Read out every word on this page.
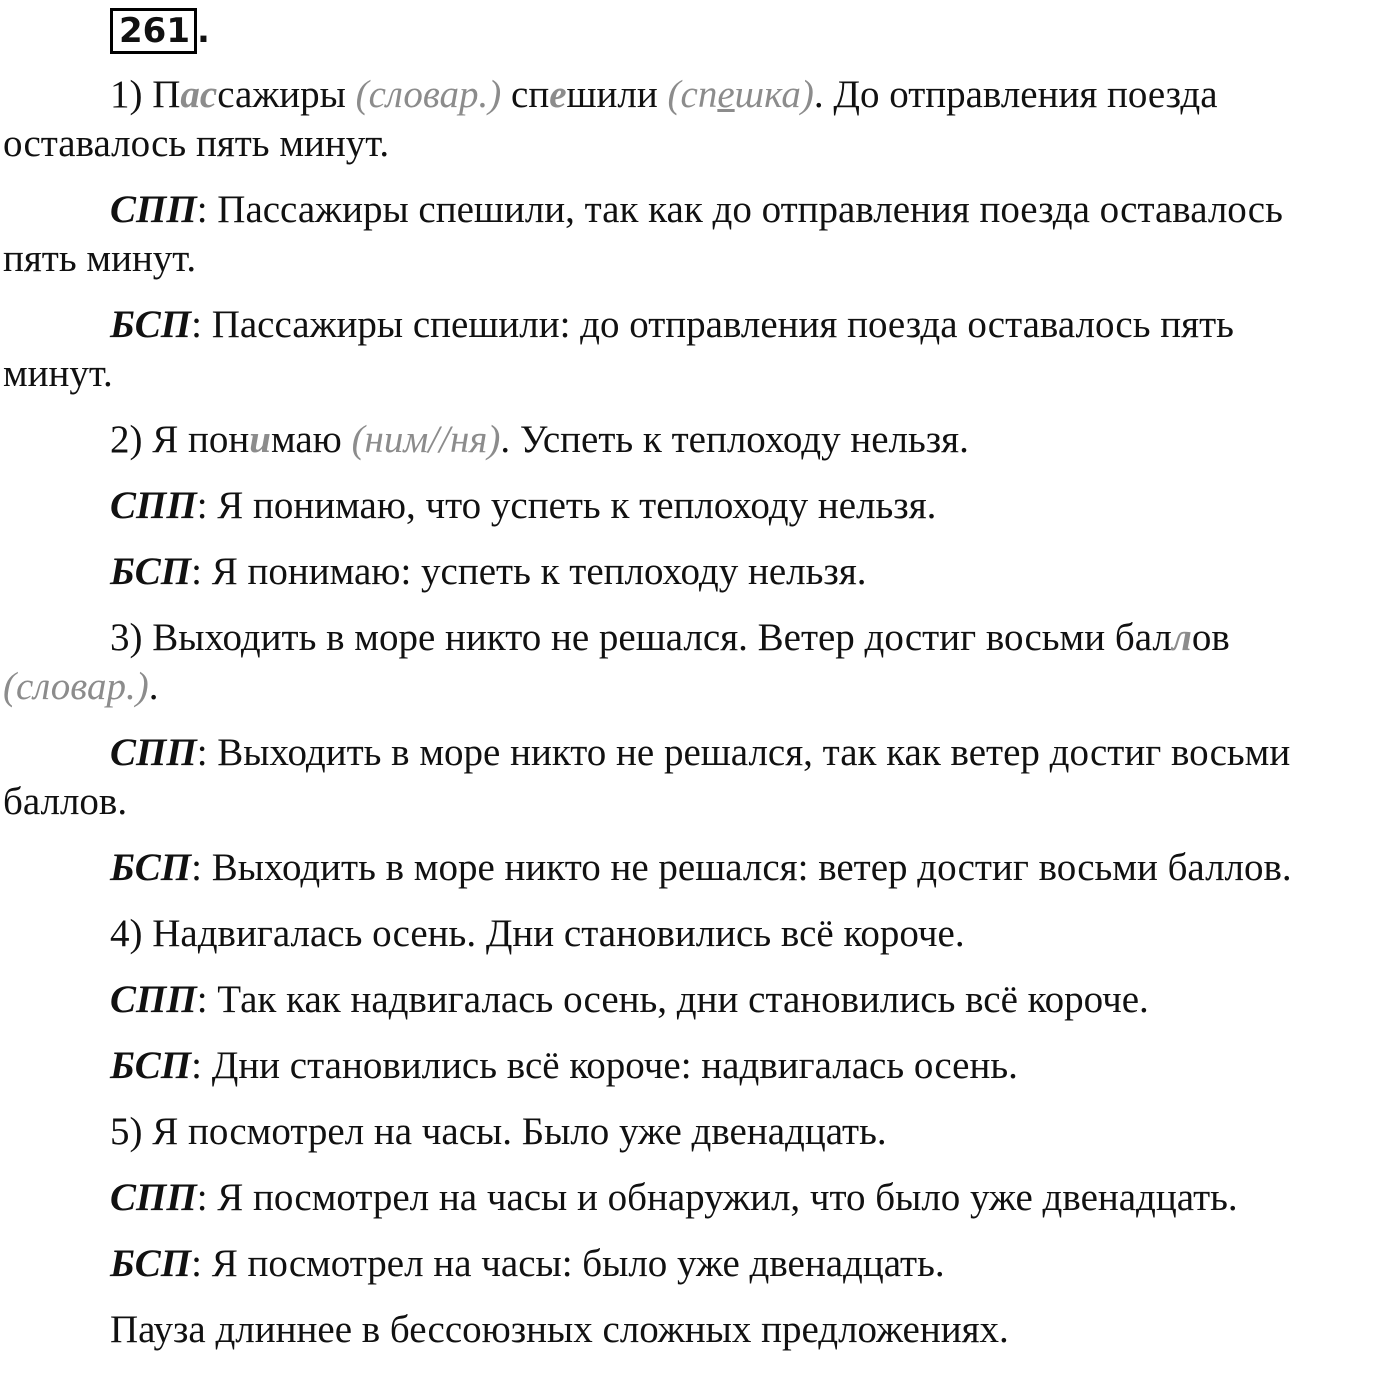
261 .

1) Пассажиры (словар.) спешили (спешка). До отправления поезда
оставалось пять минут.

СПП: Пассажиры спешили, так как до отправления поезда оставалось
пять минут.

БСП: Пассажиры спешили: до отправления поезда оставалось пять
минут.

2) Я понимаю (ним//ня). Успеть к теплоходу нельзя.

СПП: Я понимаю, что успеть к теплоходу нельзя.

БСП: Я понимаю: успеть к теплоходу нельзя.

3) Выходить в море никто не решался. Ветер достиг восьми баллов
(словар.).

СПП: Выходить в море никто не решался, так как ветер достиг восьми
баллов.

БСП: Выходить в море никто не решался: ветер достиг восьми баллов.

4) Надвигалась осень. Дни становились всё короче.

СПП: Так как надвигалась осень, дни становились всё короче.

БСП: Дни становились всё короче: надвигалась осень.

5) Я посмотрел на часы. Было уже двенадцать.

СПП: Я посмотрел на часы и обнаружил, что было уже двенадцать.

БСП: Я посмотрел на часы: было уже двенадцать.

Пауза длиннее в бессоюзных сложных предложениях.
